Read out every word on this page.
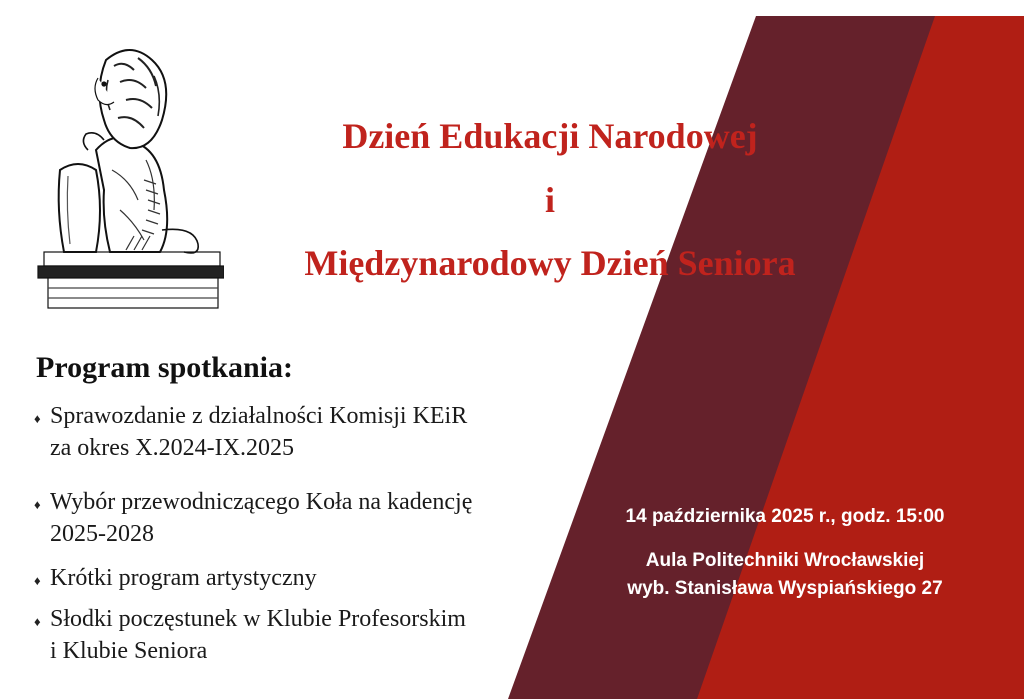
Dzień Edukacji Narodowej
i
Międzynarodowy Dzień Seniora
Program spotkania:
♦ Sprawozdanie z działalności Komisji KEiR
za okres X.2024-IX.2025
♦ Wybór przewodniczącego Koła na kadencję
2025-2028
♦ Krótki program artystyczny
♦ Słodki poczęstunek w Klubie Profesorskim
i Klubie Seniora
14 października 2025 r., godz. 15:00
Aula Politechniki Wrocławskiej
wyb. Stanisława Wyspiańskiego 27
